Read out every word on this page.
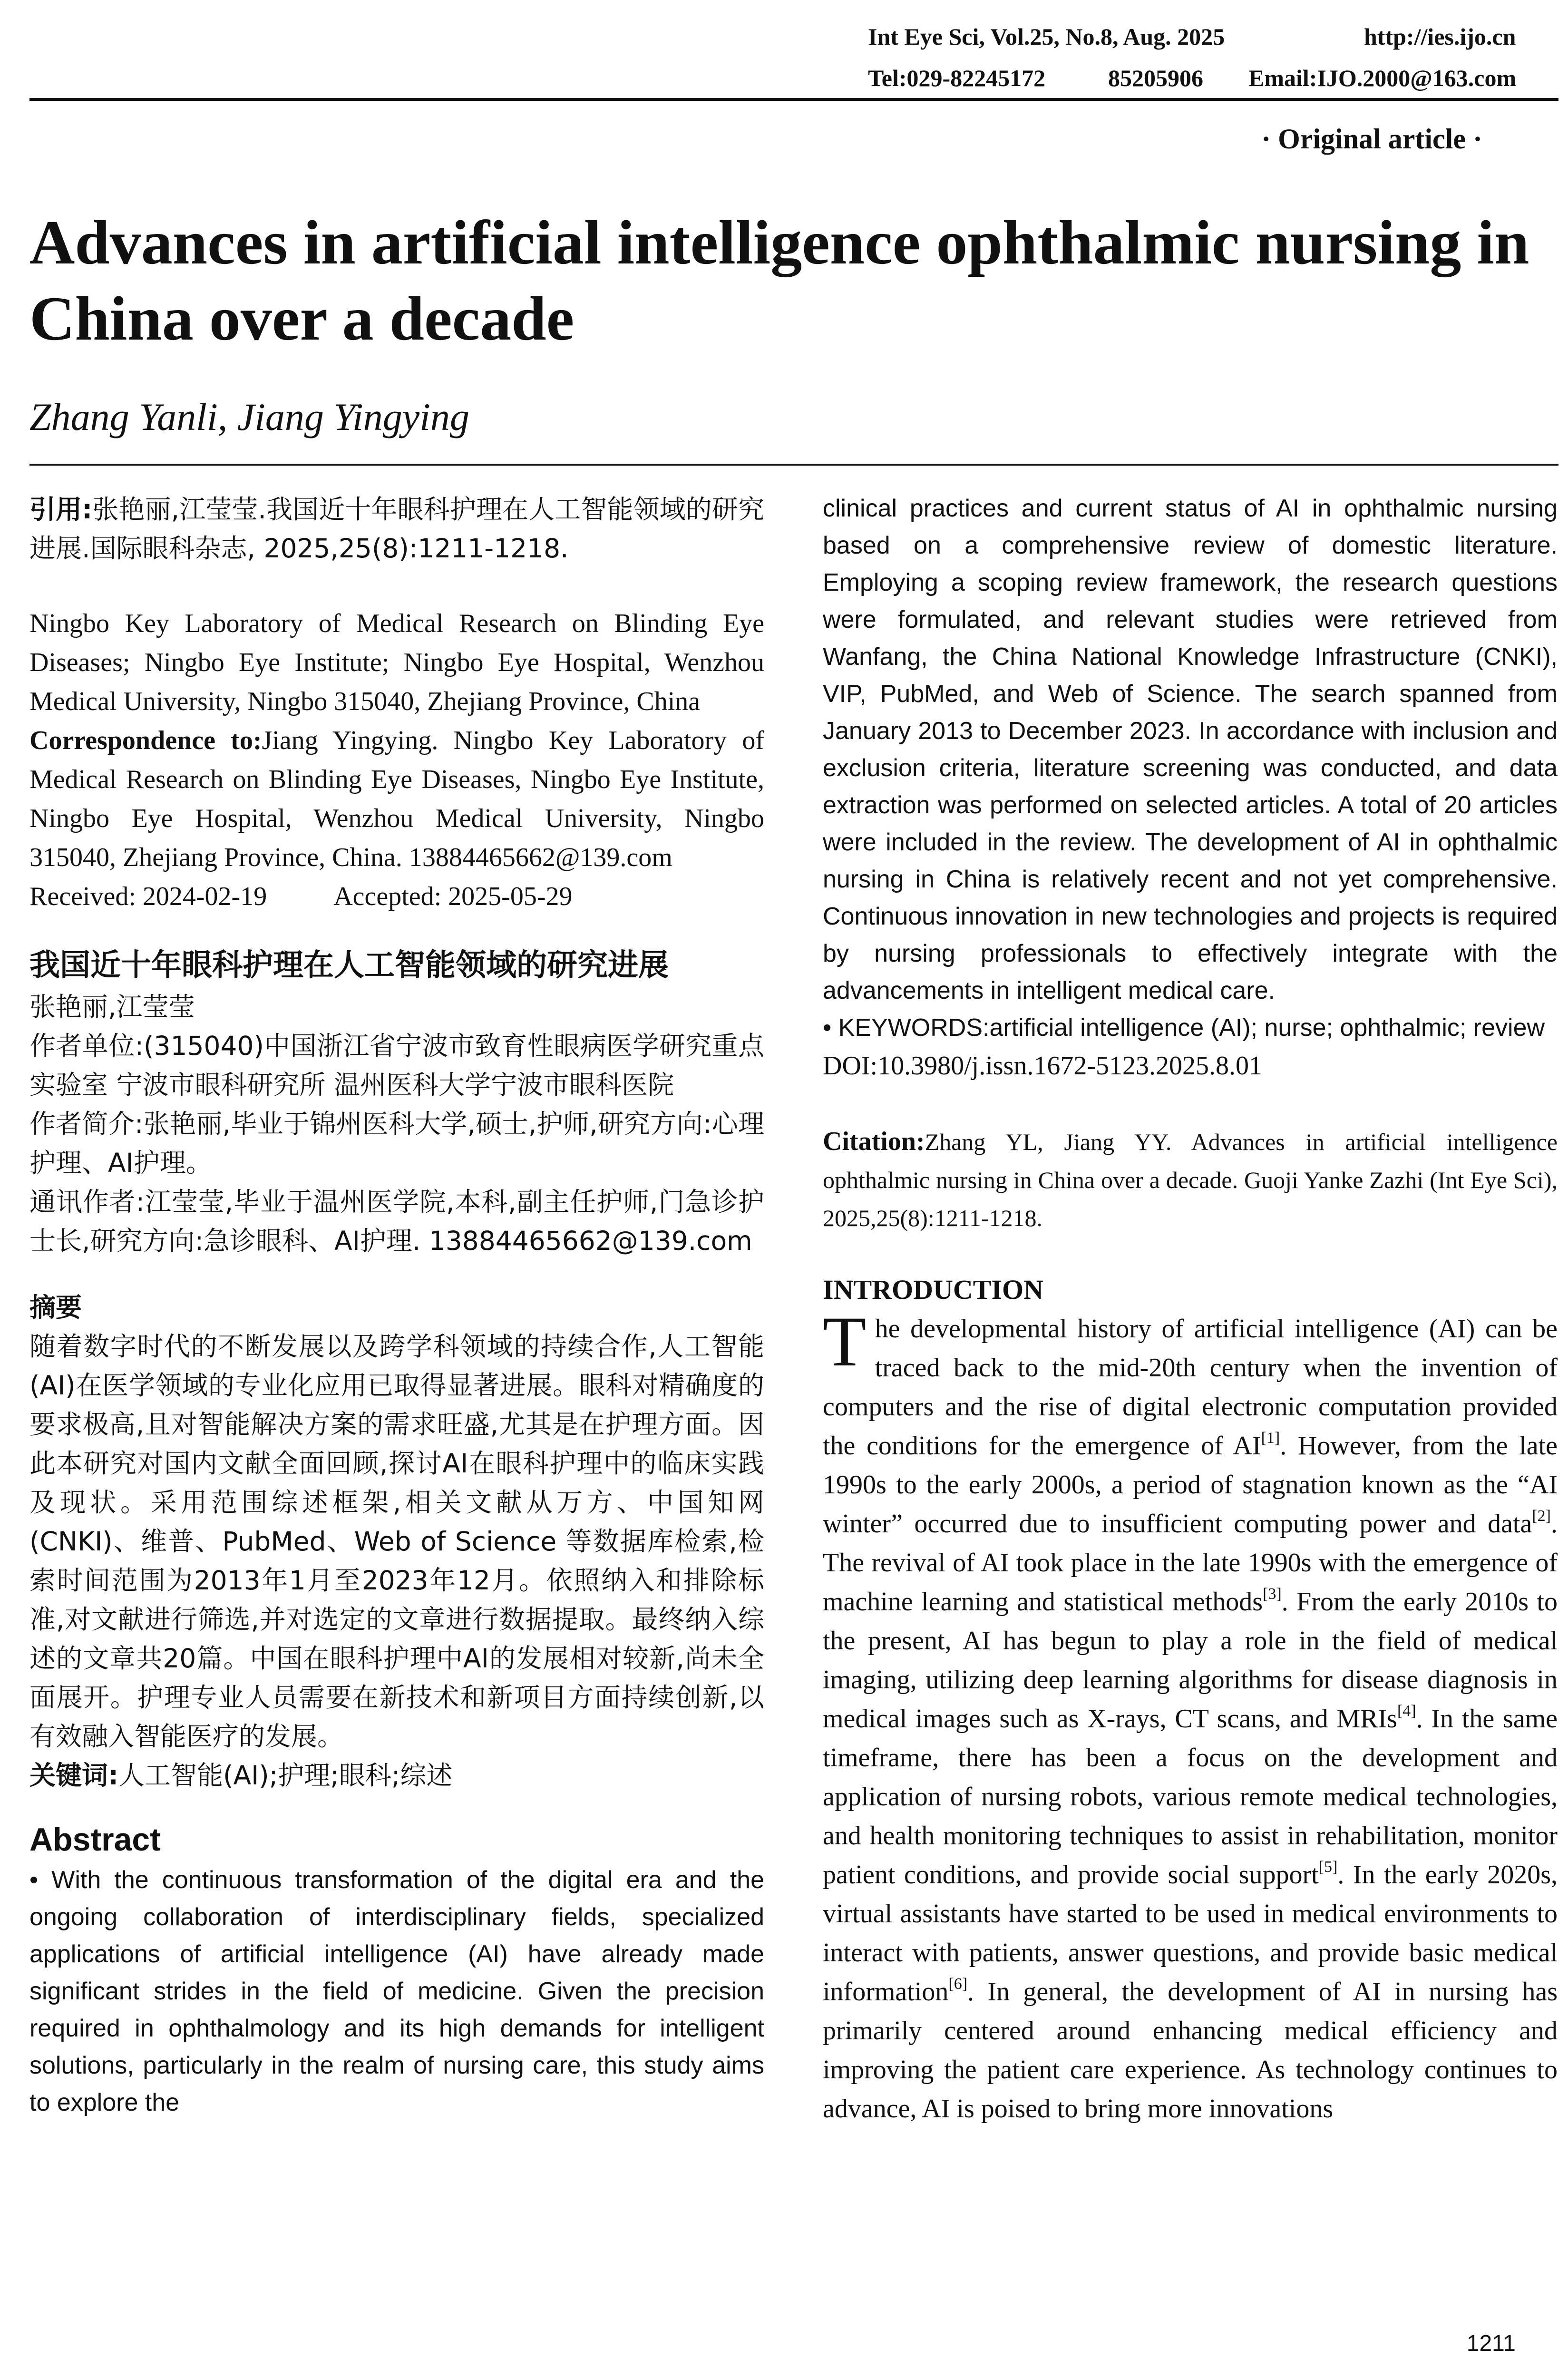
Int Eye Sci, Vol.25, No.8, Aug. 2025	http://ies.ijo.cn
Tel:029-82245172	85205906 Email:IJO.2000@163.com
· Original article ·
Advances in artificial intelligence ophthalmic nursing in China over a decade
Zhang Yanli, Jiang Yingying

引用:张艳丽,江莹莹.我国近十年眼科护理在人工智能领域的研究进展.国际眼科杂志, 2025,25(8):1211-1218.

Ningbo Key Laboratory of Medical Research on Blinding Eye Diseases; Ningbo Eye Institute; Ningbo Eye Hospital, Wenzhou Medical University, Ningbo 315040, Zhejiang Province, China

Correspondence to:Jiang Yingying. Ningbo Key Laboratory of Medical Research on Blinding Eye Diseases, Ningbo Eye Institute, Ningbo Eye Hospital, Wenzhou Medical University, Ningbo 315040, Zhejiang Province, China. 13884465662@139.com

Received: 2024-02-19	Accepted: 2025-05-29

我国近十年眼科护理在人工智能领域的研究进展

张艳丽,江莹莹

作者单位:(315040)中国浙江省宁波市致育性眼病医学研究重点实验室 宁波市眼科研究所 温州医科大学宁波市眼科医院

作者简介:张艳丽,毕业于锦州医科大学,硕士,护师,研究方向:心理护理、AI护理。

通讯作者:江莹莹,毕业于温州医学院,本科,副主任护师,门急诊护士长,研究方向:急诊眼科、AI护理. 13884465662@139.com

摘要

随着数字时代的不断发展以及跨学科领域的持续合作,人工智能(AI)在医学领域的专业化应用已取得显著进展。眼科对精确度的要求极高,且对智能解决方案的需求旺盛,尤其是在护理方面。因此本研究对国内文献全面回顾,探讨AI在眼科护理中的临床实践及现状。采用范围综述框架,相关文献从万方、中国知网(CNKI)、维普、PubMed、Web of Science 等数据库检索,检索时间范围为2013年1月至2023年12月。依照纳入和排除标准,对文献进行筛选,并对选定的文章进行数据提取。最终纳入综述的文章共20篇。中国在眼科护理中AI的发展相对较新,尚未全面展开。护理专业人员需要在新技术和新项目方面持续创新,以有效融入智能医疗的发展。

关键词:人工智能(AI);护理;眼科;综述

Abstract

• With the continuous transformation of the digital era and the ongoing collaboration of interdisciplinary fields, specialized applications of artificial intelligence (AI) have already made significant strides in the field of medicine. Given the precision required in ophthalmology and its high demands for intelligent solutions, particularly in the realm of nursing care, this study aims to explore the

clinical practices and current status of AI in ophthalmic nursing based on a comprehensive review of domestic literature. Employing a scoping review framework, the research questions were formulated, and relevant studies were retrieved from Wanfang, the China National Knowledge Infrastructure (CNKI), VIP, PubMed, and Web of Science. The search spanned from January 2013 to December 2023. In accordance with inclusion and exclusion criteria, literature screening was conducted, and data extraction was performed on selected articles. A total of 20 articles were included in the review. The development of AI in ophthalmic nursing in China is relatively recent and not yet comprehensive. Continuous innovation in new technologies and projects is required by nursing professionals to effectively integrate with the advancements in intelligent medical care.

• KEYWORDS:artificial intelligence (AI); nurse; ophthalmic; review

DOI:10.3980/j.issn.1672-5123.2025.8.01

Citation:Zhang YL, Jiang YY. Advances in artificial intelligence ophthalmic nursing in China over a decade. Guoji Yanke Zazhi (Int Eye Sci), 2025,25(8):1211-1218.

INTRODUCTION

The developmental history of artificial intelligence (AI) can be traced back to the mid-20th century when the invention of computers and the rise of digital electronic computation provided the conditions for the emergence of AI[1]. However, from the late 1990s to the early 2000s, a period of stagnation known as the “AI winter” occurred due to insufficient computing power and data[2]. The revival of AI took place in the late 1990s with the emergence of machine learning and statistical methods[3]. From the early 2010s to the present, AI has begun to play a role in the field of medical imaging, utilizing deep learning algorithms for disease diagnosis in medical images such as X-rays, CT scans, and MRIs[4]. In the same timeframe, there has been a focus on the development and application of nursing robots, various remote medical technologies, and health monitoring techniques to assist in rehabilitation, monitor patient conditions, and provide social support[5]. In the early 2020s, virtual assistants have started to be used in medical environments to interact with patients, answer questions, and provide basic medical information[6]. In general, the development of AI in nursing has primarily centered around enhancing medical efficiency and improving the patient care experience. As technology continues to advance, AI is poised to bring more innovations

1211
